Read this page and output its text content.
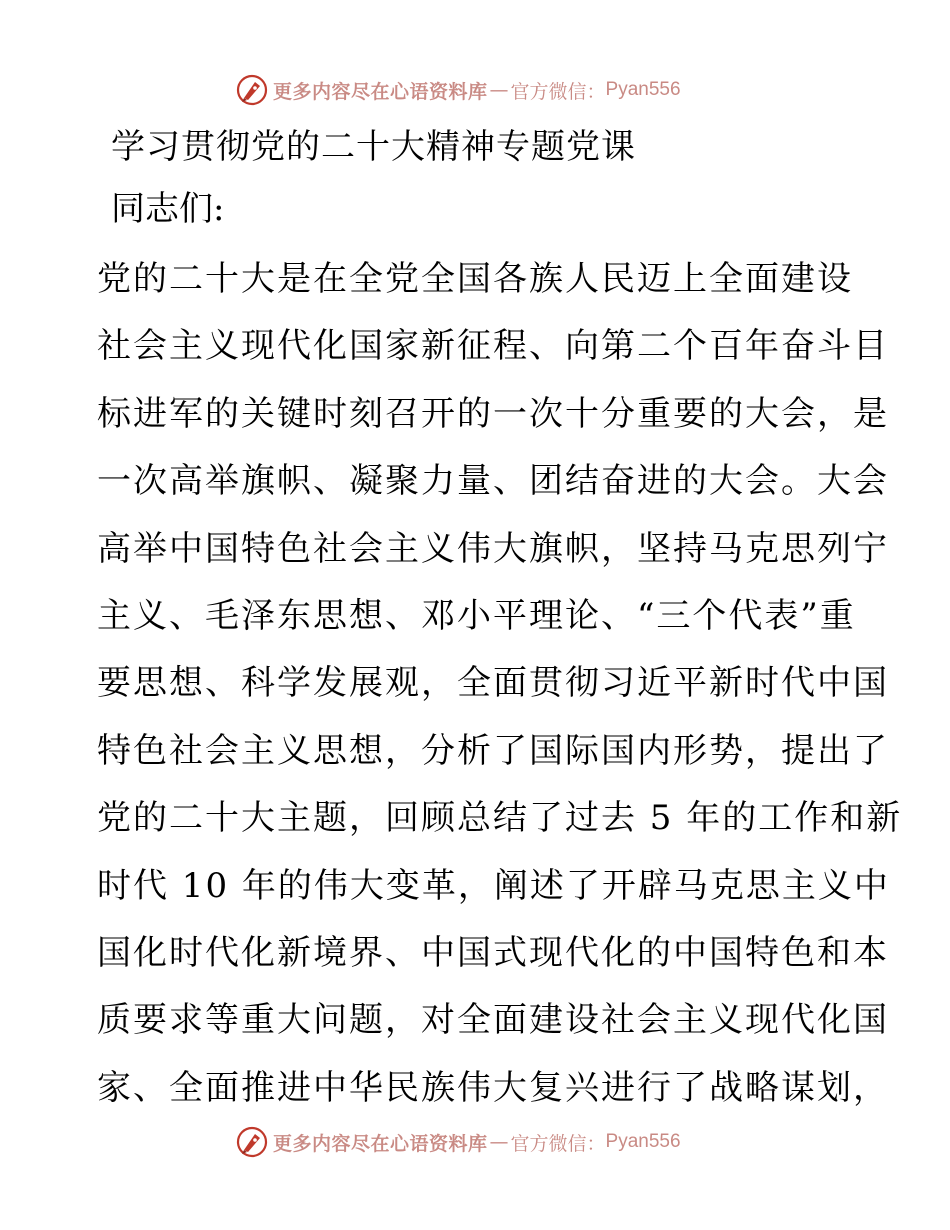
更多内容尽在心语资料库 — 官方微信： Pyan556
学习贯彻党的二十大精神专题党课

同志们:

党的二十大是在全党全国各族人民迈上全面建设
社会主义现代化国家新征程、向第二个百年奋斗目
标进军的关键时刻召开的一次十分重要的大会，是
一次高举旗帜、凝聚力量、团结奋进的大会。大会
高举中国特色社会主义伟大旗帜，坚持马克思列宁
主义、毛泽东思想、邓小平理论、“三个代表”重
要思想、科学发展观，全面贯彻习近平新时代中国
特色社会主义思想，分析了国际国内形势，提出了
党的二十大主题，回顾总结了过去 5 年的工作和新
时代 10 年的伟大变革，阐述了开辟马克思主义中
国化时代化新境界、中国式现代化的中国特色和本
质要求等重大问题，对全面建设社会主义现代化国
家、全面推进中华民族伟大复兴进行了战略谋划，
更多内容尽在心语资料库 — 官方微信： Pyan556
